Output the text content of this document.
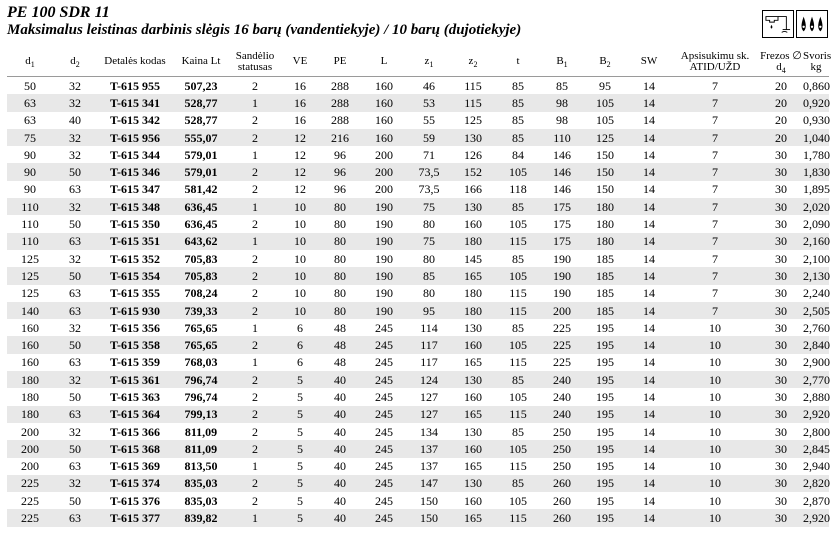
PE 100 SDR 11
Maksimalus leistinas darbinis slėgis 16 barų (vandentiekyje) / 10 barų (dujotiekyje)
$d_1$	$d_2$	Detalės kodas	Kaina Lt	Sandėlio statusas	VE	PE	L	$z_1$	$z_2$	t	$B_1$	$B_2$	SW	Apsisukimu sk. ATID/UŽD	Frezos ∅ $d_4$	Svoris kg
50	32	T-615 955	507,23	2	16	288	160	46	115	85	85	95	14	7	20	0,860
63	32	T-615 341	528,77	1	16	288	160	53	115	85	98	105	14	7	20	0,920
63	40	T-615 342	528,77	2	16	288	160	55	125	85	98	105	14	7	20	0,930
75	32	T-615 956	555,07	2	12	216	160	59	130	85	110	125	14	7	20	1,040
90	32	T-615 344	579,01	1	12	96	200	71	126	84	146	150	14	7	30	1,780
90	50	T-615 346	579,01	2	12	96	200	73,5	152	105	146	150	14	7	30	1,830
90	63	T-615 347	581,42	2	12	96	200	73,5	166	118	146	150	14	7	30	1,895
110	32	T-615 348	636,45	1	10	80	190	75	130	85	175	180	14	7	30	2,020
110	50	T-615 350	636,45	2	10	80	190	80	160	105	175	180	14	7	30	2,090
110	63	T-615 351	643,62	1	10	80	190	75	180	115	175	180	14	7	30	2,160
125	32	T-615 352	705,83	2	10	80	190	80	145	85	190	185	14	7	30	2,100
125	50	T-615 354	705,83	2	10	80	190	85	165	105	190	185	14	7	30	2,130
125	63	T-615 355	708,24	2	10	80	190	80	180	115	190	185	14	7	30	2,240
140	63	T-615 930	739,33	2	10	80	190	95	180	115	200	185	14	7	30	2,505
160	32	T-615 356	765,65	1	6	48	245	114	130	85	225	195	14	10	30	2,760
160	50	T-615 358	765,65	2	6	48	245	117	160	105	225	195	14	10	30	2,840
160	63	T-615 359	768,03	1	6	48	245	117	165	115	225	195	14	10	30	2,900
180	32	T-615 361	796,74	2	5	40	245	124	130	85	240	195	14	10	30	2,770
180	50	T-615 363	796,74	2	5	40	245	127	160	105	240	195	14	10	30	2,880
180	63	T-615 364	799,13	2	5	40	245	127	165	115	240	195	14	10	30	2,920
200	32	T-615 366	811,09	2	5	40	245	134	130	85	250	195	14	10	30	2,800
200	50	T-615 368	811,09	2	5	40	245	137	160	105	250	195	14	10	30	2,845
200	63	T-615 369	813,50	1	5	40	245	137	165	115	250	195	14	10	30	2,940
225	32	T-615 374	835,03	2	5	40	245	147	130	85	260	195	14	10	30	2,820
225	50	T-615 376	835,03	2	5	40	245	150	160	105	260	195	14	10	30	2,870
225	63	T-615 377	839,82	1	5	40	245	150	165	115	260	195	14	10	30	2,920
